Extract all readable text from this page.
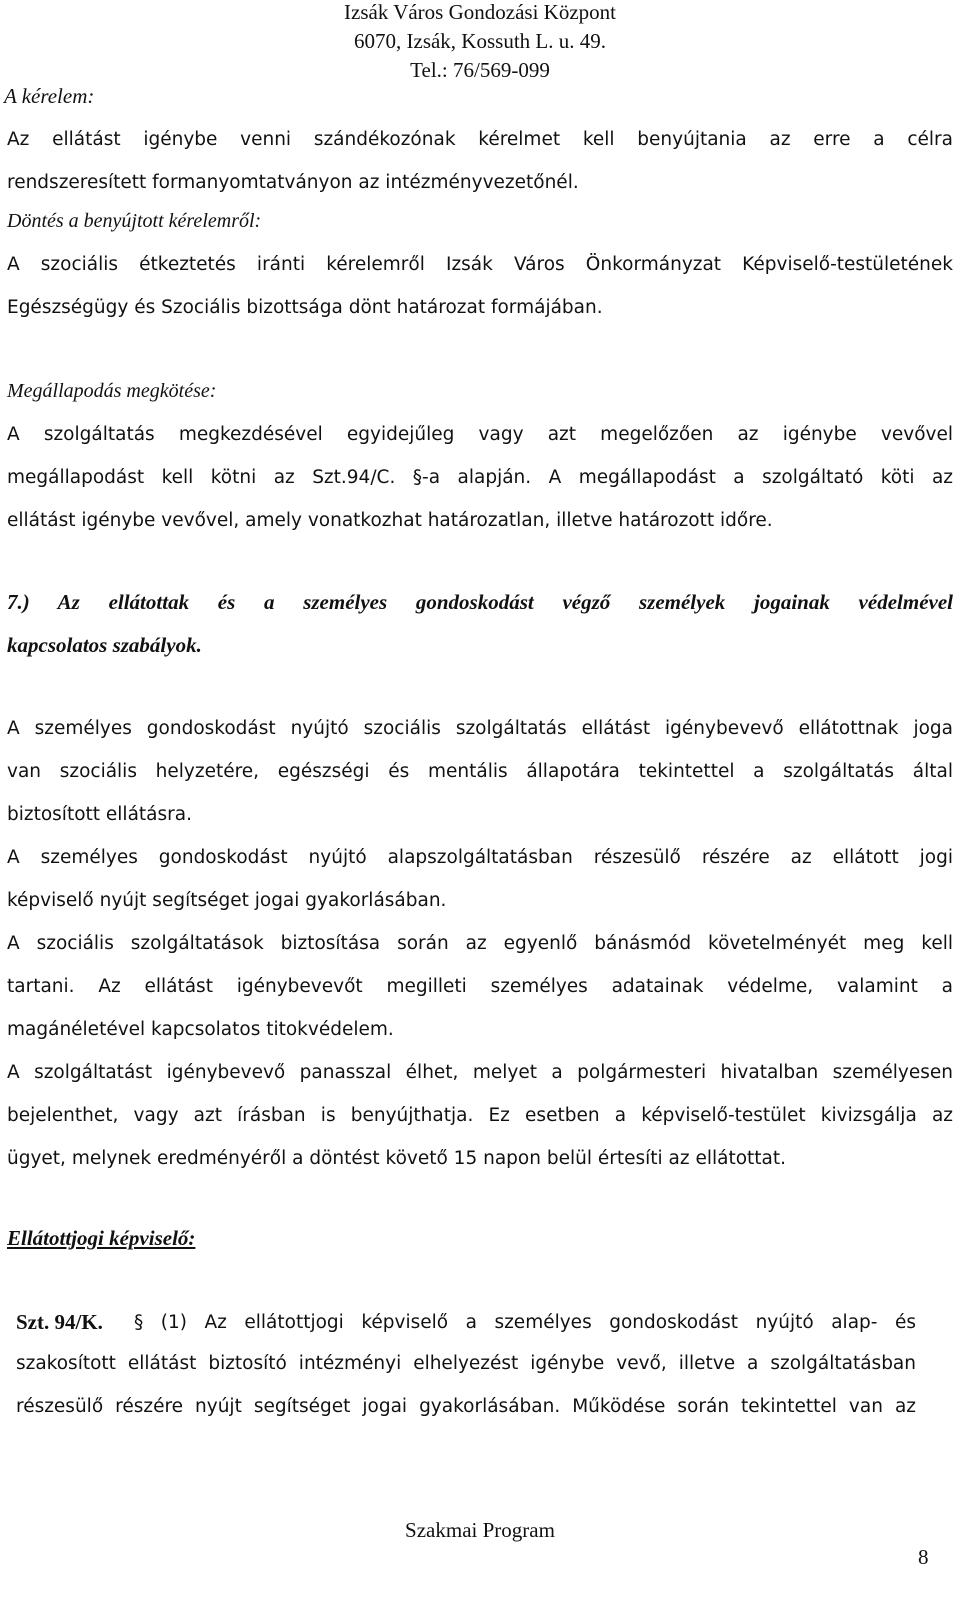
Izsák Város Gondozási Központ
6070, Izsák, Kossuth L. u. 49.
Tel.: 76/569-099
A kérelem:
Az ellátást igénybe venni szándékozónak kérelmet kell benyújtania az erre a célra
rendszeresített formanyomtatványon az intézményvezetőnél.
Döntés a benyújtott kérelemről:
A szociális étkeztetés iránti kérelemről Izsák Város Önkormányzat Képviselő-testületének
Egészségügy és Szociális bizottsága dönt határozat formájában.
Megállapodás megkötése:
A szolgáltatás megkezdésével egyidejűleg vagy azt megelőzően az igénybe vevővel
megállapodást kell kötni az Szt.94/C. §-a alapján. A megállapodást a szolgáltató köti az
ellátást igénybe vevővel, amely vonatkozhat határozatlan, illetve határozott időre.
7.) Az ellátottak és a személyes gondoskodást végző személyek jogainak védelmével
kapcsolatos szabályok.
A személyes gondoskodást nyújtó szociális szolgáltatás ellátást igénybevevő ellátottnak joga
van szociális helyzetére, egészségi és mentális állapotára tekintettel a szolgáltatás által
biztosított ellátásra.
A személyes gondoskodást nyújtó alapszolgáltatásban részesülő részére az ellátott jogi
képviselő nyújt segítséget jogai gyakorlásában.
A szociális szolgáltatások biztosítása során az egyenlő bánásmód követelményét meg kell
tartani. Az ellátást igénybevevőt megilleti személyes adatainak védelme, valamint a
magánéletével kapcsolatos titokvédelem.
A szolgáltatást igénybevevő panasszal élhet, melyet a polgármesteri hivatalban személyesen
bejelenthet, vagy azt írásban is benyújthatja. Ez esetben a képviselő-testület kivizsgálja az
ügyet, melynek eredményéről a döntést követő 15 napon belül értesíti az ellátottat.
Ellátottjogi képviselő:
Szt. 94/K. § (1) Az ellátottjogi képviselő a személyes gondoskodást nyújtó alap- és
szakosított ellátást biztosító intézményi elhelyezést igénybe vevő, illetve a szolgáltatásban
részesülő részére nyújt segítséget jogai gyakorlásában. Működése során tekintettel van az
Szakmai Program
8
